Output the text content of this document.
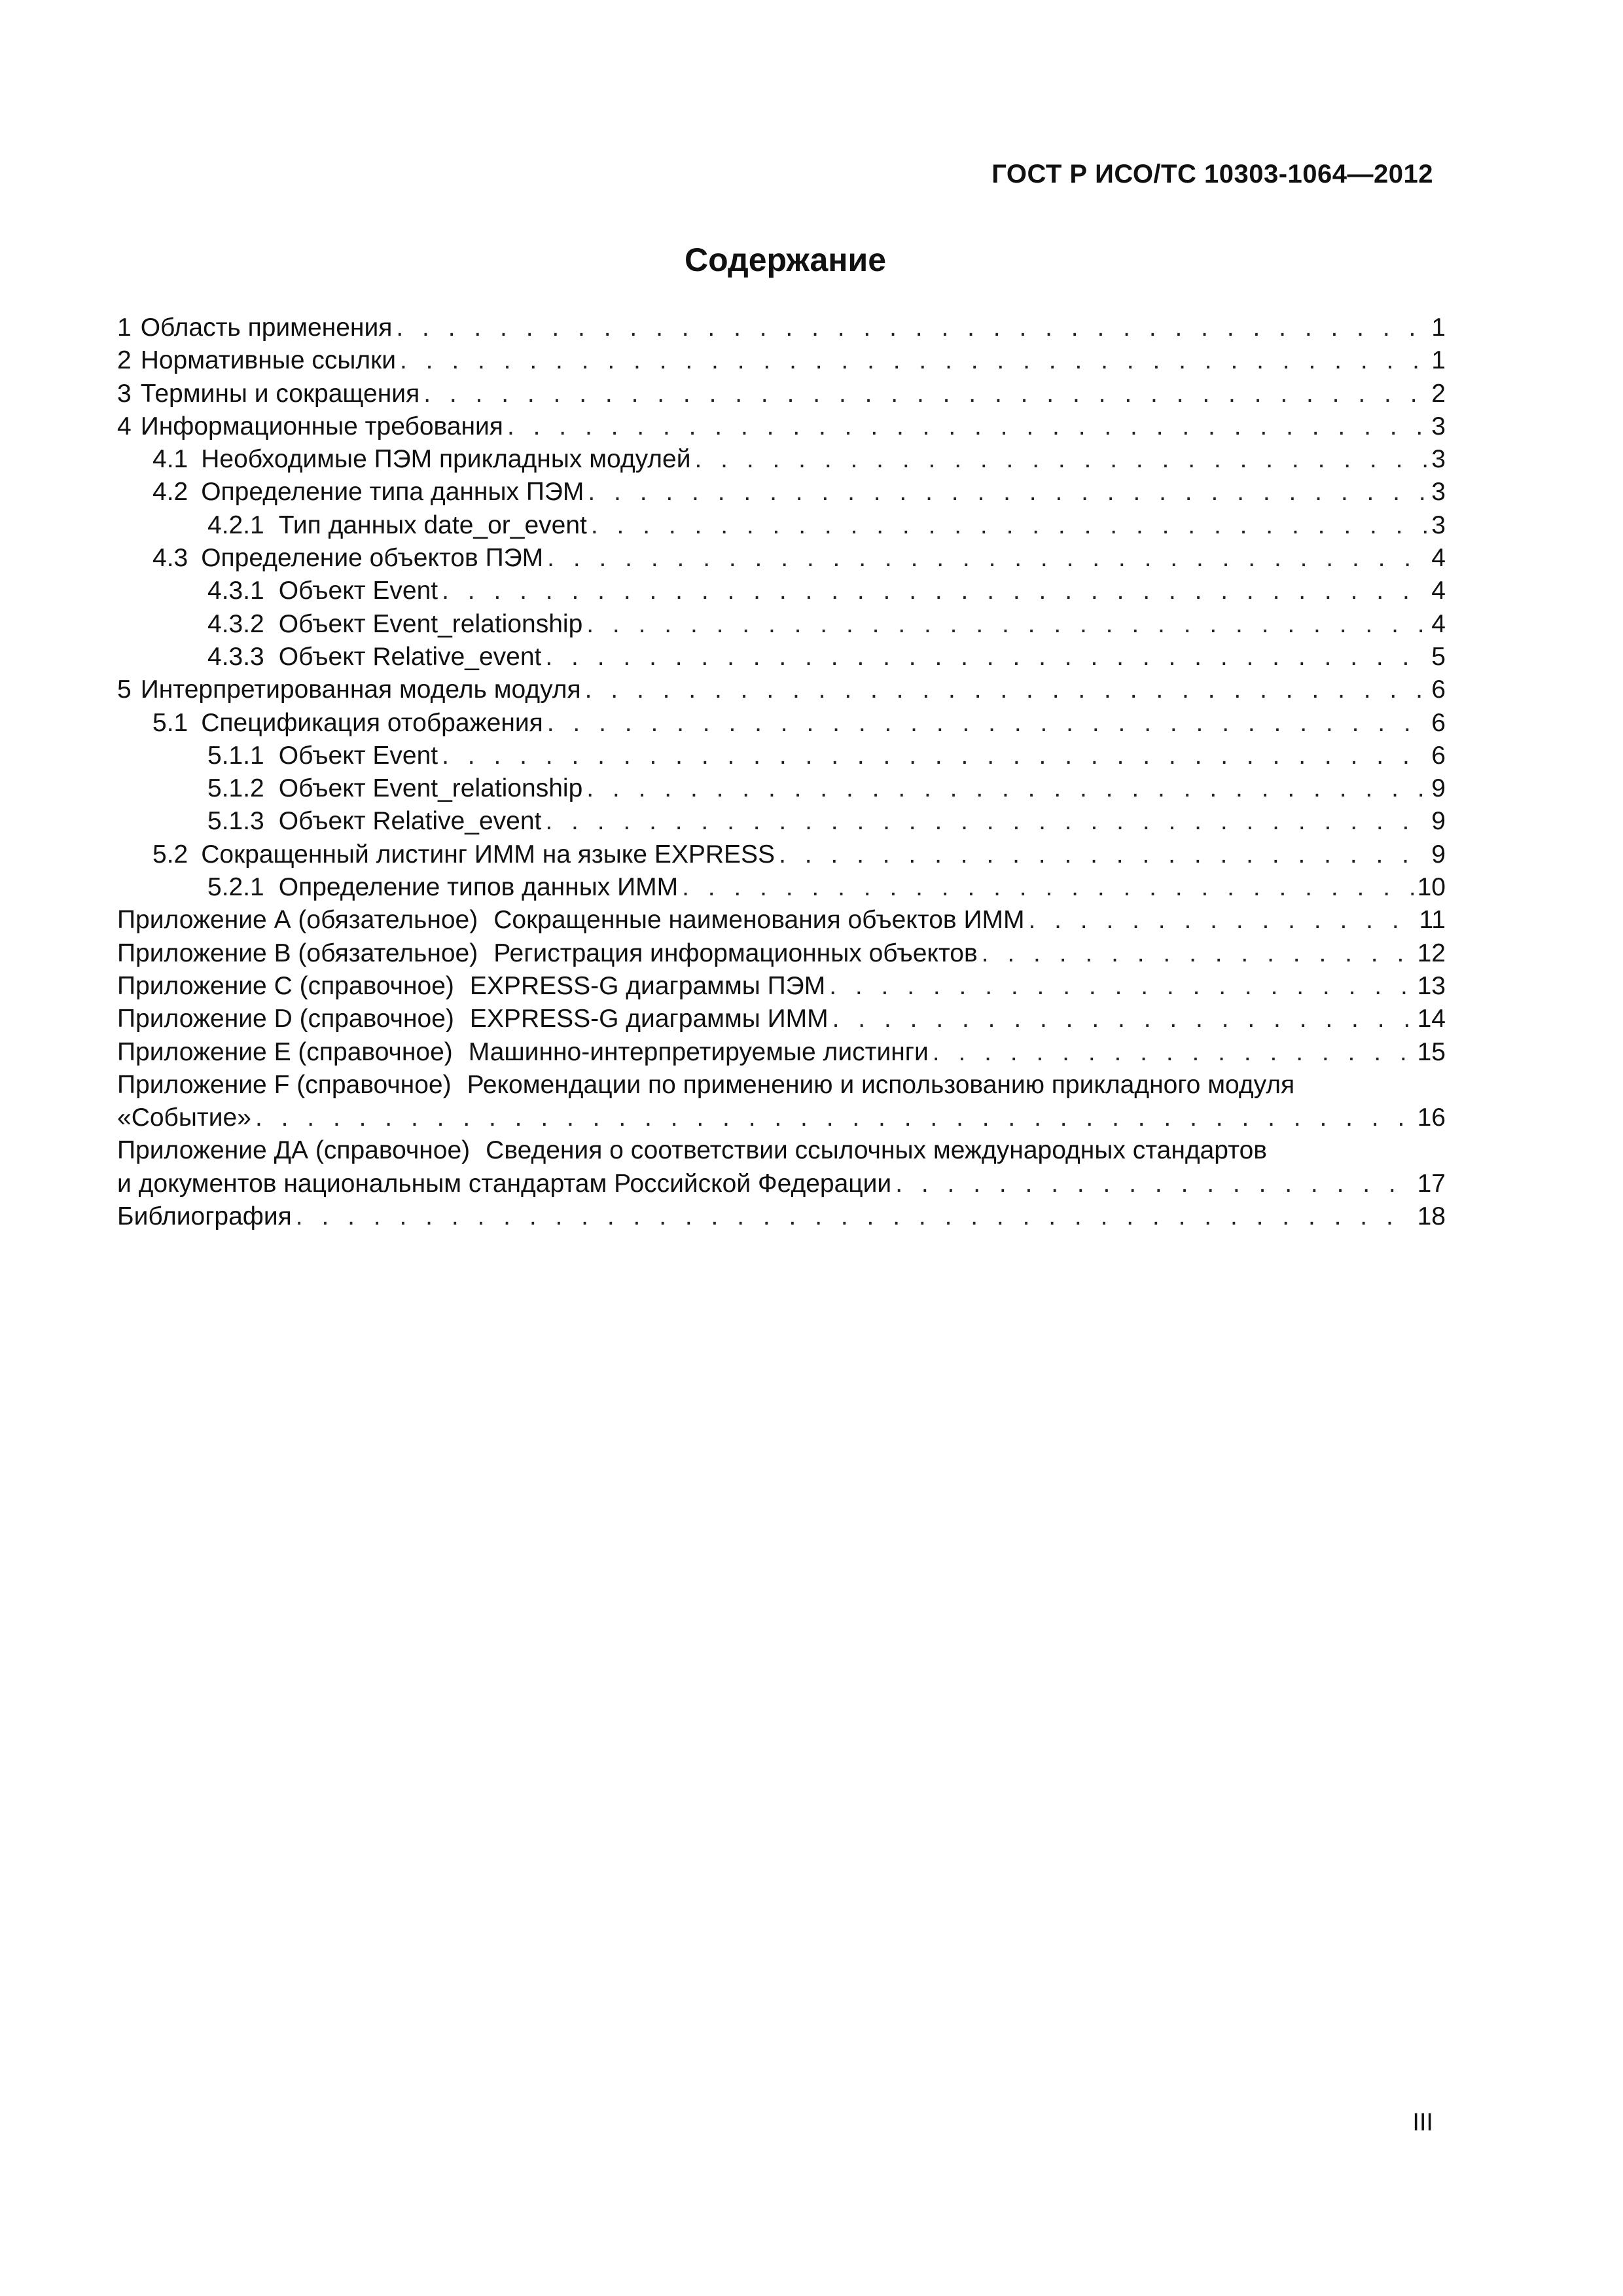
ГОСТ Р ИСО/ТС 10303-1064—2012
Содержание
1 Область применения . . .	1
2 Нормативные ссылки . . .	1
3 Термины и сокращения . . .	2
4 Информационные требования . . .	3
4.1 Необходимые ПЭМ прикладных модулей . . .	3
4.2 Определение типа данных ПЭМ . . .	3
4.2.1 Тип данных date_or_event . . .	3
4.3 Определение объектов ПЭМ . . .	4
4.3.1 Объект Event . . .	4
4.3.2 Объект Event_relationship . . .	4
4.3.3 Объект Relative_event . . .	5
5 Интерпретированная модель модуля . . .	6
5.1 Спецификация отображения . . .	6
5.1.1 Объект Event . . .	6
5.1.2 Объект Event_relationship . . .	9
5.1.3 Объект Relative_event . . .	9
5.2 Сокращенный листинг ИММ на языке EXPRESS . . .	9
5.2.1 Определение типов данных ИММ . . .	10
Приложение А (обязательное) Сокращенные наименования объектов ИММ . . .	11
Приложение В (обязательное) Регистрация информационных объектов . . .	12
Приложение С (справочное) EXPRESS-G диаграммы ПЭМ . . .	13
Приложение D (справочное) EXPRESS-G диаграммы ИММ . . .	14
Приложение Е (справочное) Машинно-интерпретируемые листинги . . .	15
Приложение F (справочное) Рекомендации по применению и использованию прикладного модуля
«Событие» . . .	16
Приложение ДА (справочное) Сведения о соответствии ссылочных международных стандартов
и документов национальным стандартам Российской Федерации . . .	17
Библиография . . .	18
III
